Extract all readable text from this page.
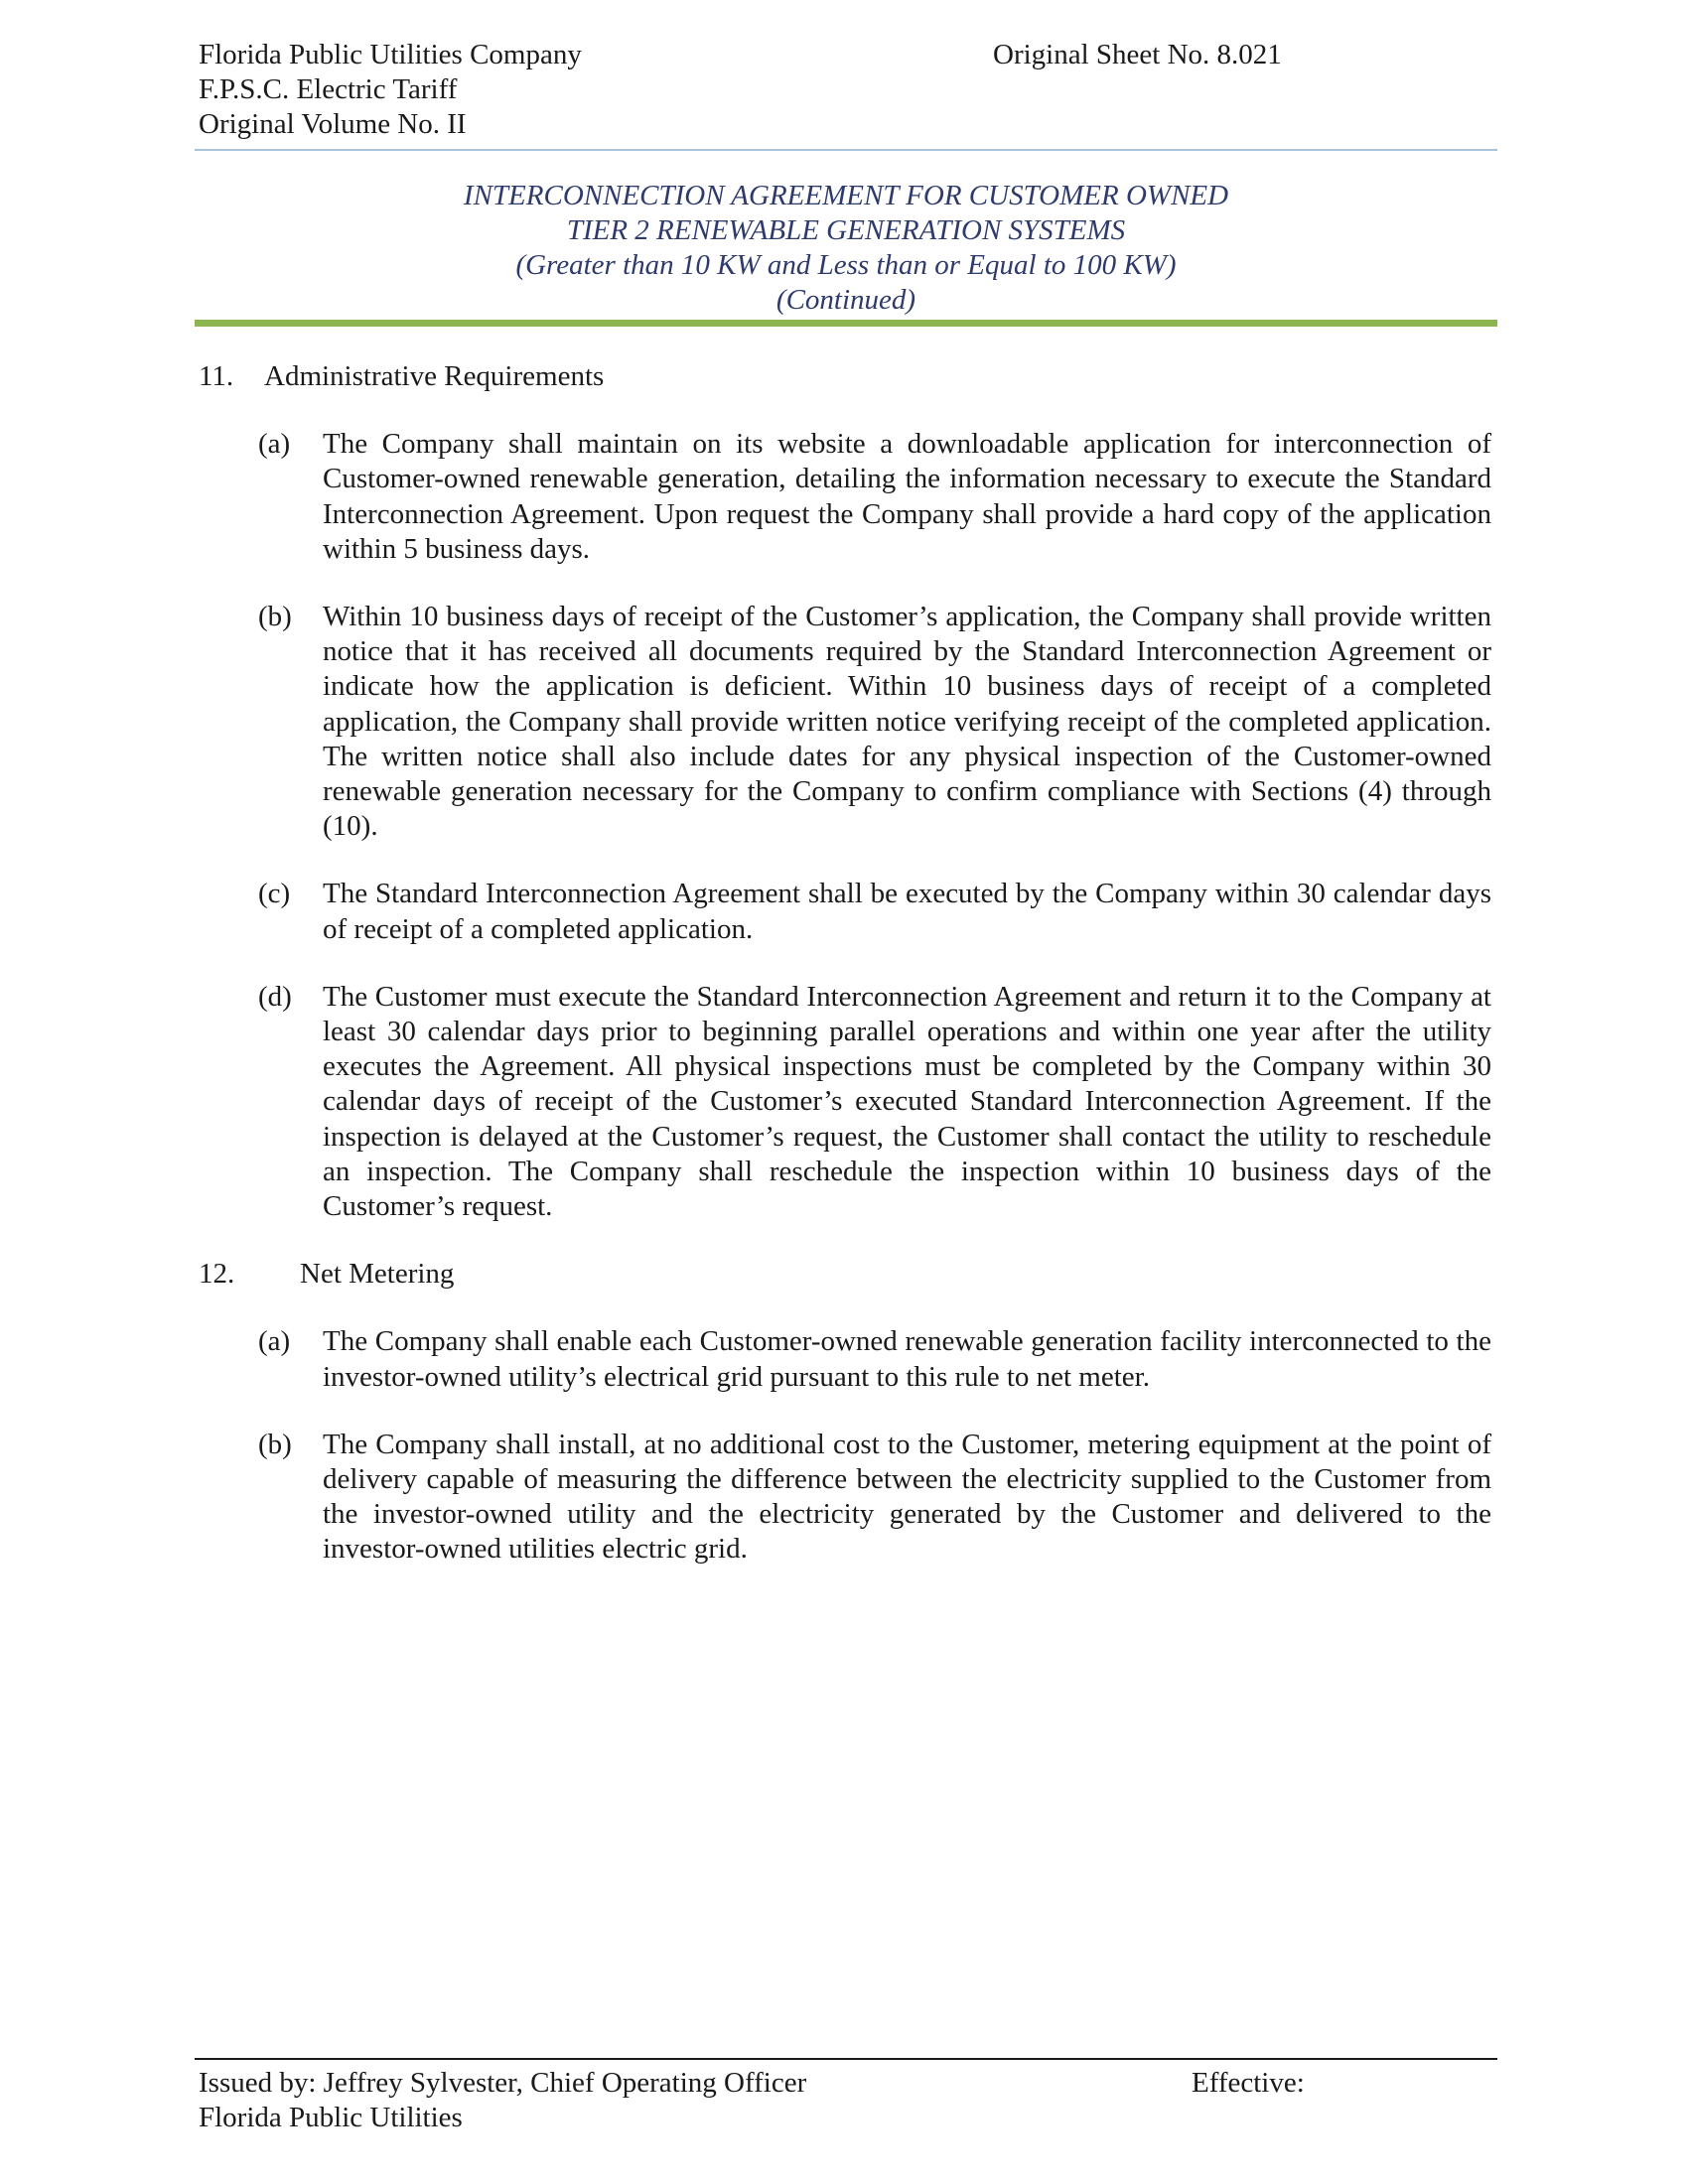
Florida Public Utilities Company
F.P.S.C. Electric Tariff
Original Volume No. II
Original Sheet No. 8.021
INTERCONNECTION AGREEMENT FOR CUSTOMER OWNED
TIER 2 RENEWABLE GENERATION SYSTEMS
(Greater than 10 KW and Less than or Equal to 100 KW)
(Continued)
11. Administrative Requirements
(a) The Company shall maintain on its website a downloadable application for interconnection of Customer-owned renewable generation, detailing the information necessary to execute the Standard Interconnection Agreement. Upon request the Company shall provide a hard copy of the application within 5 business days.
(b) Within 10 business days of receipt of the Customer’s application, the Company shall provide written notice that it has received all documents required by the Standard Interconnection Agreement or indicate how the application is deficient. Within 10 business days of receipt of a completed application, the Company shall provide written notice verifying receipt of the completed application. The written notice shall also include dates for any physical inspection of the Customer-owned renewable generation necessary for the Company to confirm compliance with Sections (4) through (10).
(c) The Standard Interconnection Agreement shall be executed by the Company within 30 calendar days of receipt of a completed application.
(d) The Customer must execute the Standard Interconnection Agreement and return it to the Company at least 30 calendar days prior to beginning parallel operations and within one year after the utility executes the Agreement. All physical inspections must be completed by the Company within 30 calendar days of receipt of the Customer’s executed Standard Interconnection Agreement. If the inspection is delayed at the Customer’s request, the Customer shall contact the utility to reschedule an inspection. The Company shall reschedule the inspection within 10 business days of the Customer’s request.
12. Net Metering
(a) The Company shall enable each Customer-owned renewable generation facility interconnected to the investor-owned utility’s electrical grid pursuant to this rule to net meter.
(b) The Company shall install, at no additional cost to the Customer, metering equipment at the point of delivery capable of measuring the difference between the electricity supplied to the Customer from the investor-owned utility and the electricity generated by the Customer and delivered to the investor-owned utilities electric grid.
Issued by: Jeffrey Sylvester, Chief Operating Officer
Florida Public Utilities
Effective:
